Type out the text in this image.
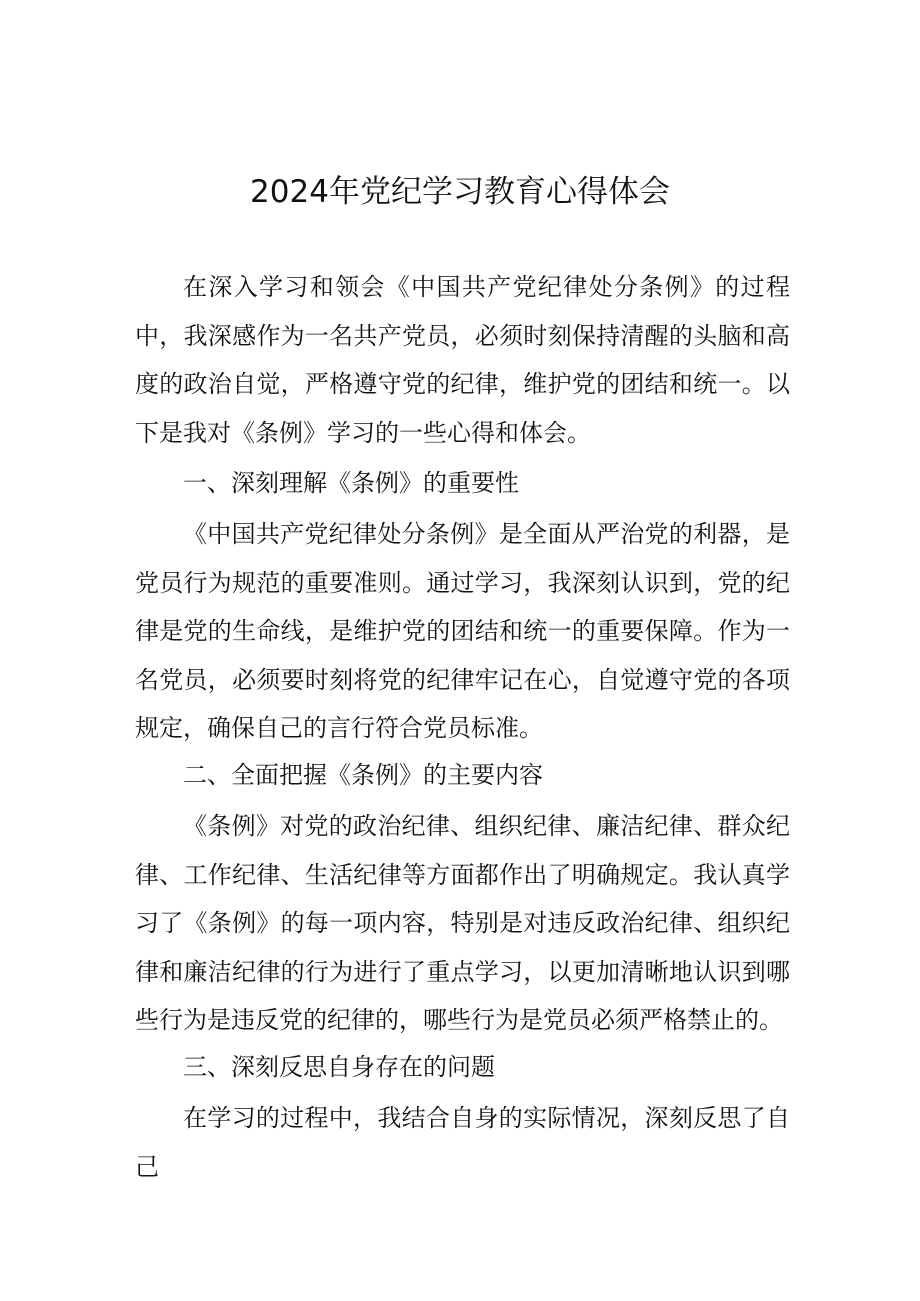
2024年党纪学习教育心得体会

在深入学习和领会《中国共产党纪律处分条例》的过程中，我深感作为一名共产党员，必须时刻保持清醒的头脑和高度的政治自觉，严格遵守党的纪律，维护党的团结和统一。以下是我对《条例》学习的一些心得和体会。

一、深刻理解《条例》的重要性

《中国共产党纪律处分条例》是全面从严治党的利器，是党员行为规范的重要准则。通过学习，我深刻认识到，党的纪律是党的生命线，是维护党的团结和统一的重要保障。作为一名党员，必须要时刻将党的纪律牢记在心，自觉遵守党的各项规定，确保自己的言行符合党员标准。

二、全面把握《条例》的主要内容

《条例》对党的政治纪律、组织纪律、廉洁纪律、群众纪律、工作纪律、生活纪律等方面都作出了明确规定。我认真学习了《条例》的每一项内容，特别是对违反政治纪律、组织纪律和廉洁纪律的行为进行了重点学习，以更加清晰地认识到哪些行为是违反党的纪律的，哪些行为是党员必须严格禁止的。

三、深刻反思自身存在的问题

在学习的过程中，我结合自身的实际情况，深刻反思了自己
